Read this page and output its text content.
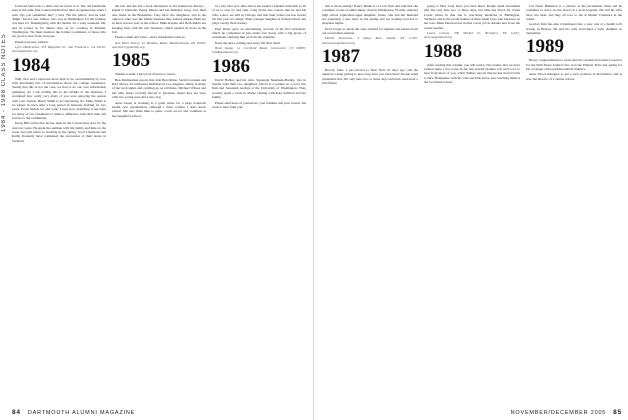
1984 - 1988 CLASS NOTES

followed him back to table and sat down at it. The old handsome man at the table first looked alarmed but then recognized me when I said, 'Do you remember me?' I said, 'I'm the editor,' and he said, 'Right.' Knox's son, Simon, who was in Washington for the holiday, was here for Thanksgiving with his mother for a long weekend. Oh, and he joined us for dinner later on for working in Kiribati, Washington. We must mention the former roommates of those who are good to hear from everyone.

Please note new address.

Lynn Haberstock, 455 Magellan St., San Francisco, CA 94116; lynnh@alumni.org

1984

Well, first and I expected more mail to be overwhelming by now with interesting bits of information about our college classmates. Seeing that this is not the case, we had to do our own information gathering. As I am writing this in the middle of the holidays, I wondered how really very many of you were enjoying the season with your friends. Bruce Smith is in Gettysburg, Pa. Mike Thiele is no longer in town after a long period in between drafting for two years. From friends far and wide, I hear how gratifying it has been for many of our classmates to make a difference with their time and service to the community.

Doug Hill writes that he has been in the Connecticut area for the past few years. He spent the summer with his family and time on the water and will return to teaching in the spring. Scott Lindstrom and Kathy Donnelly have completed the renovation of their house in Vermont.

the bus and she led a book discussion at her hometown library—Inside to Deborah, Penny Mason and her husband, Greg, love their new home in the Berkshires. They have two daughters, and as the option to take over the family business they started outside. Both are in their second year at the school. Mike Kaplan and Beth Rubin are keeping busy with the new business, which opened its doors in the fall.

Please e-mail and write—more information with us.

Ann Hunt Sherry, 23 Meadow Road, Meadowbrook, PA 19046; ann.sherry@alumni.org

1985

Thanks to mail, I have lots of news to report.

Ben Zimmerman reports that Josh Ben Dillon, Sarah Lorenzen and Kurt Moore all celebrated birthdays in Los Angeles, taking in many of the local sights and catching up on old times. Michael Wilson and his wife, Anne, recently moved to Spokane, where they are busy with two young sons and a new dog.

Anne Green is working as a grant writer for a large nonprofit health care organization, although I must confess I don't know where! She also finds time to paint, coach soccer and volunteer at her daughter's school.

in a city near you, then Aaron has issued a blanket invitation to all of us to stop by and visit. Greg Stone also reports that he and his wife, Laura, are still in Chicago and that their oldest son has started his first year of college. Their younger daughter is in high school and plays varsity field hockey.

Paul Davis gave an entertaining account of his first marathon, which he completed in just under four hours with a big group of classmates cheering him on from the sidelines.

Keep the news coming and enjoy the New Year!

Brad Kamp, 12 Cornfield Road, Greenwich, CT 06830; bradk@alumni.org

1986

David Hadley and his wife, Susannah Neumann-Hadley, live in Seattle with their two daughters. David is a partner in a local law firm and Susannah teaches at the University of Washington. They recently spent a week in Maine visiting with Kate Sullivan and her family.

Please send news of yourselves, your families and your travels. We want to hear from you!

84 DARTMOUTH ALUMNI MAGAZINE

that is more tasting? Nancy Burke is at a law firm and said that she continues to run a toddler music class in Tallahassee, Florida, with her high school sophomore-aged daughter, Jessie. She and her husband are expecting a new baby in the spring and are looking forward to sleepless nights.

Don't forget to check the class website for updates and photos from our recent mini-reunion.

Daniel Stevenson, 4 Kings Row, Island, NY 11795; dstevenson@alumni.org

1987

Howdy folks. I just moved to New York 10 days ago, and the question I keep getting is how long have you been here? People seem astonished that I'm only here two or three days and have been here a full fifteen.

going to How long have you been here? People seem astonished that I'm only here two or three days, but time has flown by. Sarah Lewis writes in that she is practicing medicine in Burlington, Vermont, and is the proud mother of three small boys who keep her on her toes. Mark Peterson has started a new job in Atlanta and loves the warm weather.

Laura Greene, 300 Market St., Brooklyn, NY 11231; lgreene@alumni.org

1988

After reading this column, you will notice, I'm certain, that we have written quite a few notes in the last several months, but we'd love to hear from more of you. Chris Walker reports that he has moved back to New Hampshire with his wife and kids and is now teaching math at the local high school.

Cal Nessi Hamilton is a partner at the investment bank and he continues to serve on the board of a local hospital. He and his wife have two kids, and they all love to ski at Mount Cranmore in the winter.

Gordon Kim has also transitioned into a new role at a health tech startup in Boston. He and his wife welcomed a baby daughter in September.

1989

Heavy congratulations to Gene Arnold, a health and science reporter for the Wall Street Journal who won the Pulitzer Prize last spring for his coverage of the pharmaceutical industry.

Anne Wood managed to get a new position in Providence and is now the director of a charter school.

NOVEMBER/DECEMBER 2005 85
